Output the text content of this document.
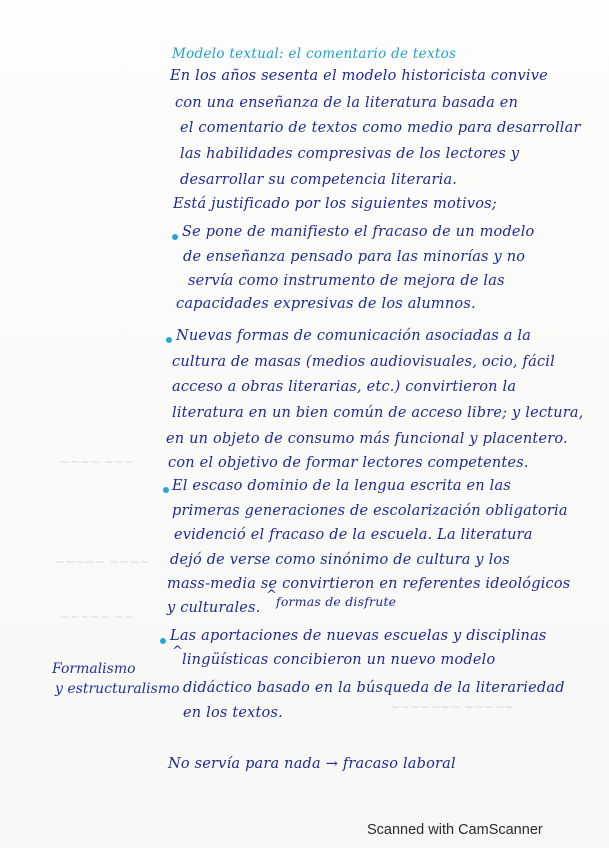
~~~~ ~~~
~~~~~ ~~~~
~~~~~ ~~
~~~~~~~ ~~~~~
Modelo textual: el comentario de textos
En los años sesenta el modelo historicista convive
con una enseñanza de la literatura basada en
el comentario de textos como medio para desarrollar
las habilidades compresivas de los lectores y
desarrollar su competencia literaria.
Está justificado por los siguientes motivos;
Se pone de manifiesto el fracaso de un modelo
de enseñanza pensado para las minorías y no
servía como instrumento de mejora de las
capacidades expresivas de los alumnos.
Nuevas formas de comunicación asociadas a la
cultura de masas (medios audiovisuales, ocio, fácil
acceso a obras literarias, etc.) convirtieron la
literatura en un bien común de acceso libre; y lectura,
en un objeto de consumo más funcional y placentero.
con el objetivo de formar lectores competentes.
El escaso dominio de la lengua escrita en las
primeras generaciones de escolarización obligatoria
evidenció el fracaso de la escuela. La literatura
dejó de verse como sinónimo de cultura y los
mass-media se convirtieron en referentes ideológicos
y culturales.
^ formas de disfrute
Las aportaciones de nuevas escuelas y disciplinas
^
lingüísticas concibieron un nuevo modelo
didáctico basado en la búsqueda de la literariedad
en los textos.
Formalismo
y estructuralismo
No servía para nada → fracaso laboral
Scanned with CamScanner
